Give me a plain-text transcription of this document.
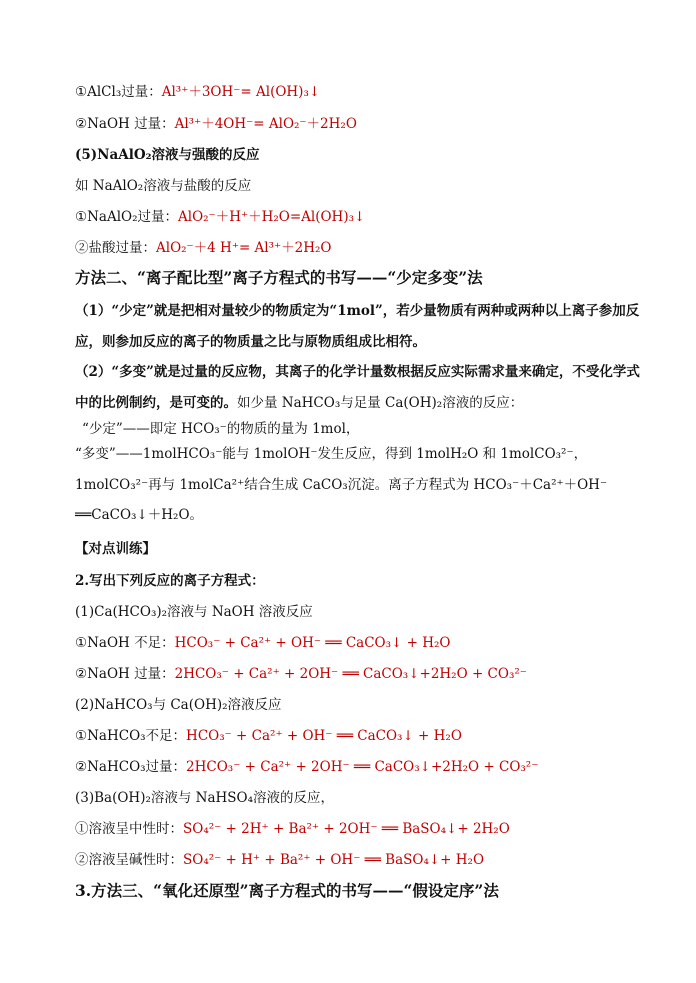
①AlCl₃过量：Al³⁺＋3OH⁻= Al(OH)₃↓
②NaOH 过量：Al³⁺＋4OH⁻= AlO₂⁻＋2H₂O
(5)NaAlO₂溶液与强酸的反应
如 NaAlO₂溶液与盐酸的反应
①NaAlO₂过量：AlO₂⁻＋H⁺＋H₂O=Al(OH)₃↓
②盐酸过量：AlO₂⁻＋4 H⁺= Al³⁺＋2H₂O
方法二、“离子配比型”离子方程式的书写——“少定多变”法
（1）“少定”就是把相对量较少的物质定为“1mol”，若少量物质有两种或两种以上离子参加反应，则参加反应的离子的物质量之比与原物质组成比相符。
（2）“多变”就是过量的反应物，其离子的化学计量数根据反应实际需求量来确定，不受化学式中的比例制约，是可变的。如少量 NaHCO₃与足量 Ca(OH)₂溶液的反应：
“少定”——即定 HCO₃⁻的物质的量为 1mol，
“多变”——1molHCO₃⁻能与 1molOH⁻发生反应，得到 1molH₂O 和 1molCO₃²⁻，1molCO₃²⁻再与 1molCa²⁺结合生成 CaCO₃沉淀。离子方程式为 HCO₃⁻＋Ca²⁺＋OH⁻ ══CaCO₃↓＋H₂O。
【对点训练】
2.写出下列反应的离子方程式：
(1)Ca(HCO₃)₂溶液与 NaOH 溶液反应
①NaOH 不足：HCO₃⁻ + Ca²⁺ + OH⁻ ══ CaCO₃↓ + H₂O
②NaOH 过量：2HCO₃⁻ + Ca²⁺ + 2OH⁻ ══ CaCO₃↓+2H₂O + CO₃²⁻
(2)NaHCO₃与 Ca(OH)₂溶液反应
①NaHCO₃不足：HCO₃⁻ + Ca²⁺ + OH⁻ ══ CaCO₃↓ + H₂O
②NaHCO₃过量：2HCO₃⁻ + Ca²⁺ + 2OH⁻ ══ CaCO₃↓+2H₂O + CO₃²⁻
(3)Ba(OH)₂溶液与 NaHSO₄溶液的反应，
①溶液呈中性时：SO₄²⁻ + 2H⁺ + Ba²⁺ + 2OH⁻ ══ BaSO₄↓+ 2H₂O
②溶液呈碱性时：SO₄²⁻ + H⁺ + Ba²⁺ + OH⁻ ══ BaSO₄↓+ H₂O
3.方法三、“氧化还原型”离子方程式的书写——“假设定序”法
